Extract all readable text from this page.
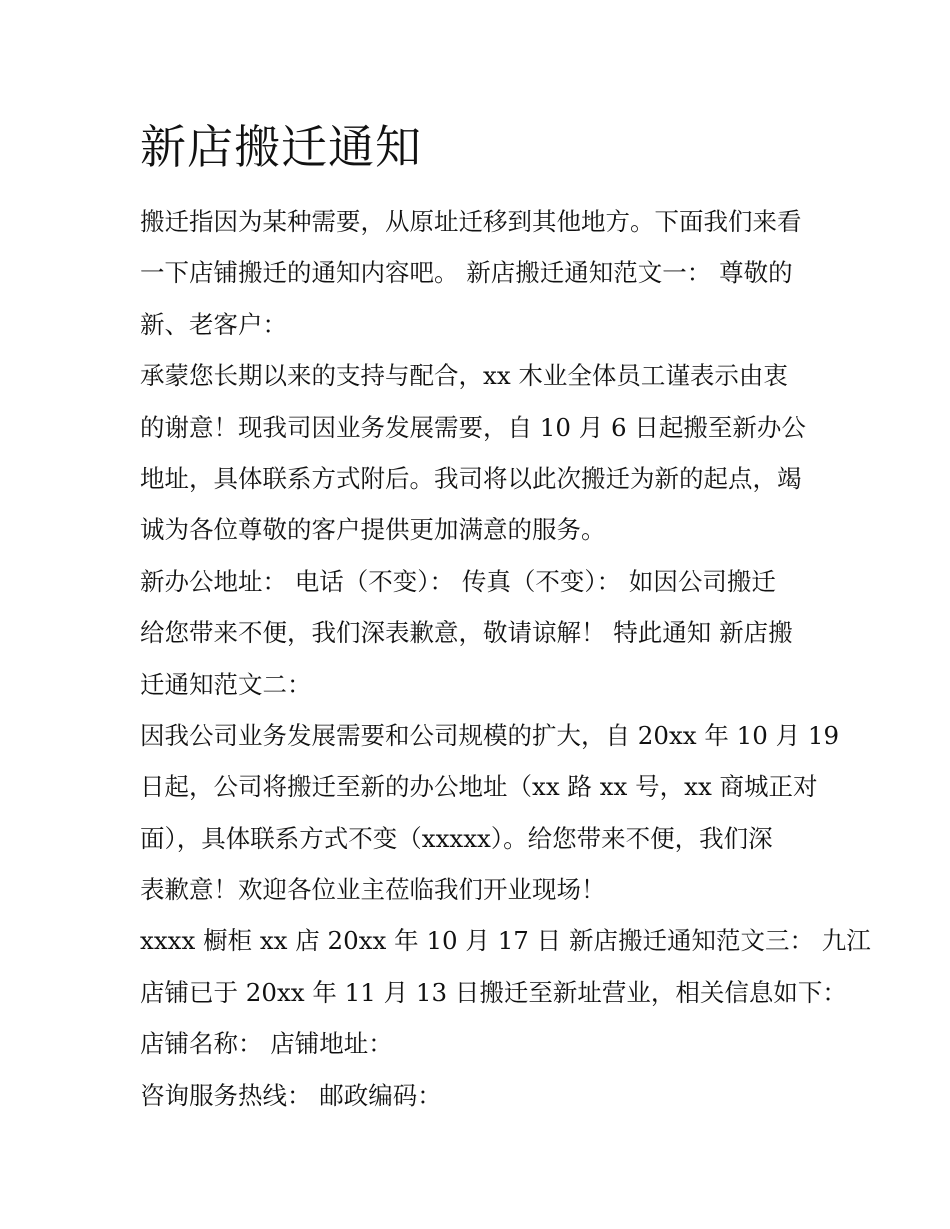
新店搬迁通知
搬迁指因为某种需要，从原址迁移到其他地方。下面我们来看
一下店铺搬迁的通知内容吧。 新店搬迁通知范文一： 尊敬的
新、老客户：
承蒙您长期以来的支持与配合，xx 木业全体员工谨表示由衷
的谢意！现我司因业务发展需要，自 10 月 6 日起搬至新办公
地址，具体联系方式附后。我司将以此次搬迁为新的起点，竭
诚为各位尊敬的客户提供更加满意的服务。
新办公地址： 电话（不变）： 传真（不变）： 如因公司搬迁
给您带来不便，我们深表歉意，敬请谅解！ 特此通知 新店搬
迁通知范文二：
因我公司业务发展需要和公司规模的扩大，自 20xx 年 10 月 19
日起，公司将搬迁至新的办公地址（xx 路 xx 号，xx 商城正对
面），具体联系方式不变（xxxxx）。给您带来不便，我们深
表歉意！欢迎各位业主莅临我们开业现场！
xxxx 橱柜 xx 店 20xx 年 10 月 17 日 新店搬迁通知范文三： 九江
店铺已于 20xx 年 11 月 13 日搬迁至新址营业，相关信息如下：
店铺名称： 店铺地址：
咨询服务热线： 邮政编码：
